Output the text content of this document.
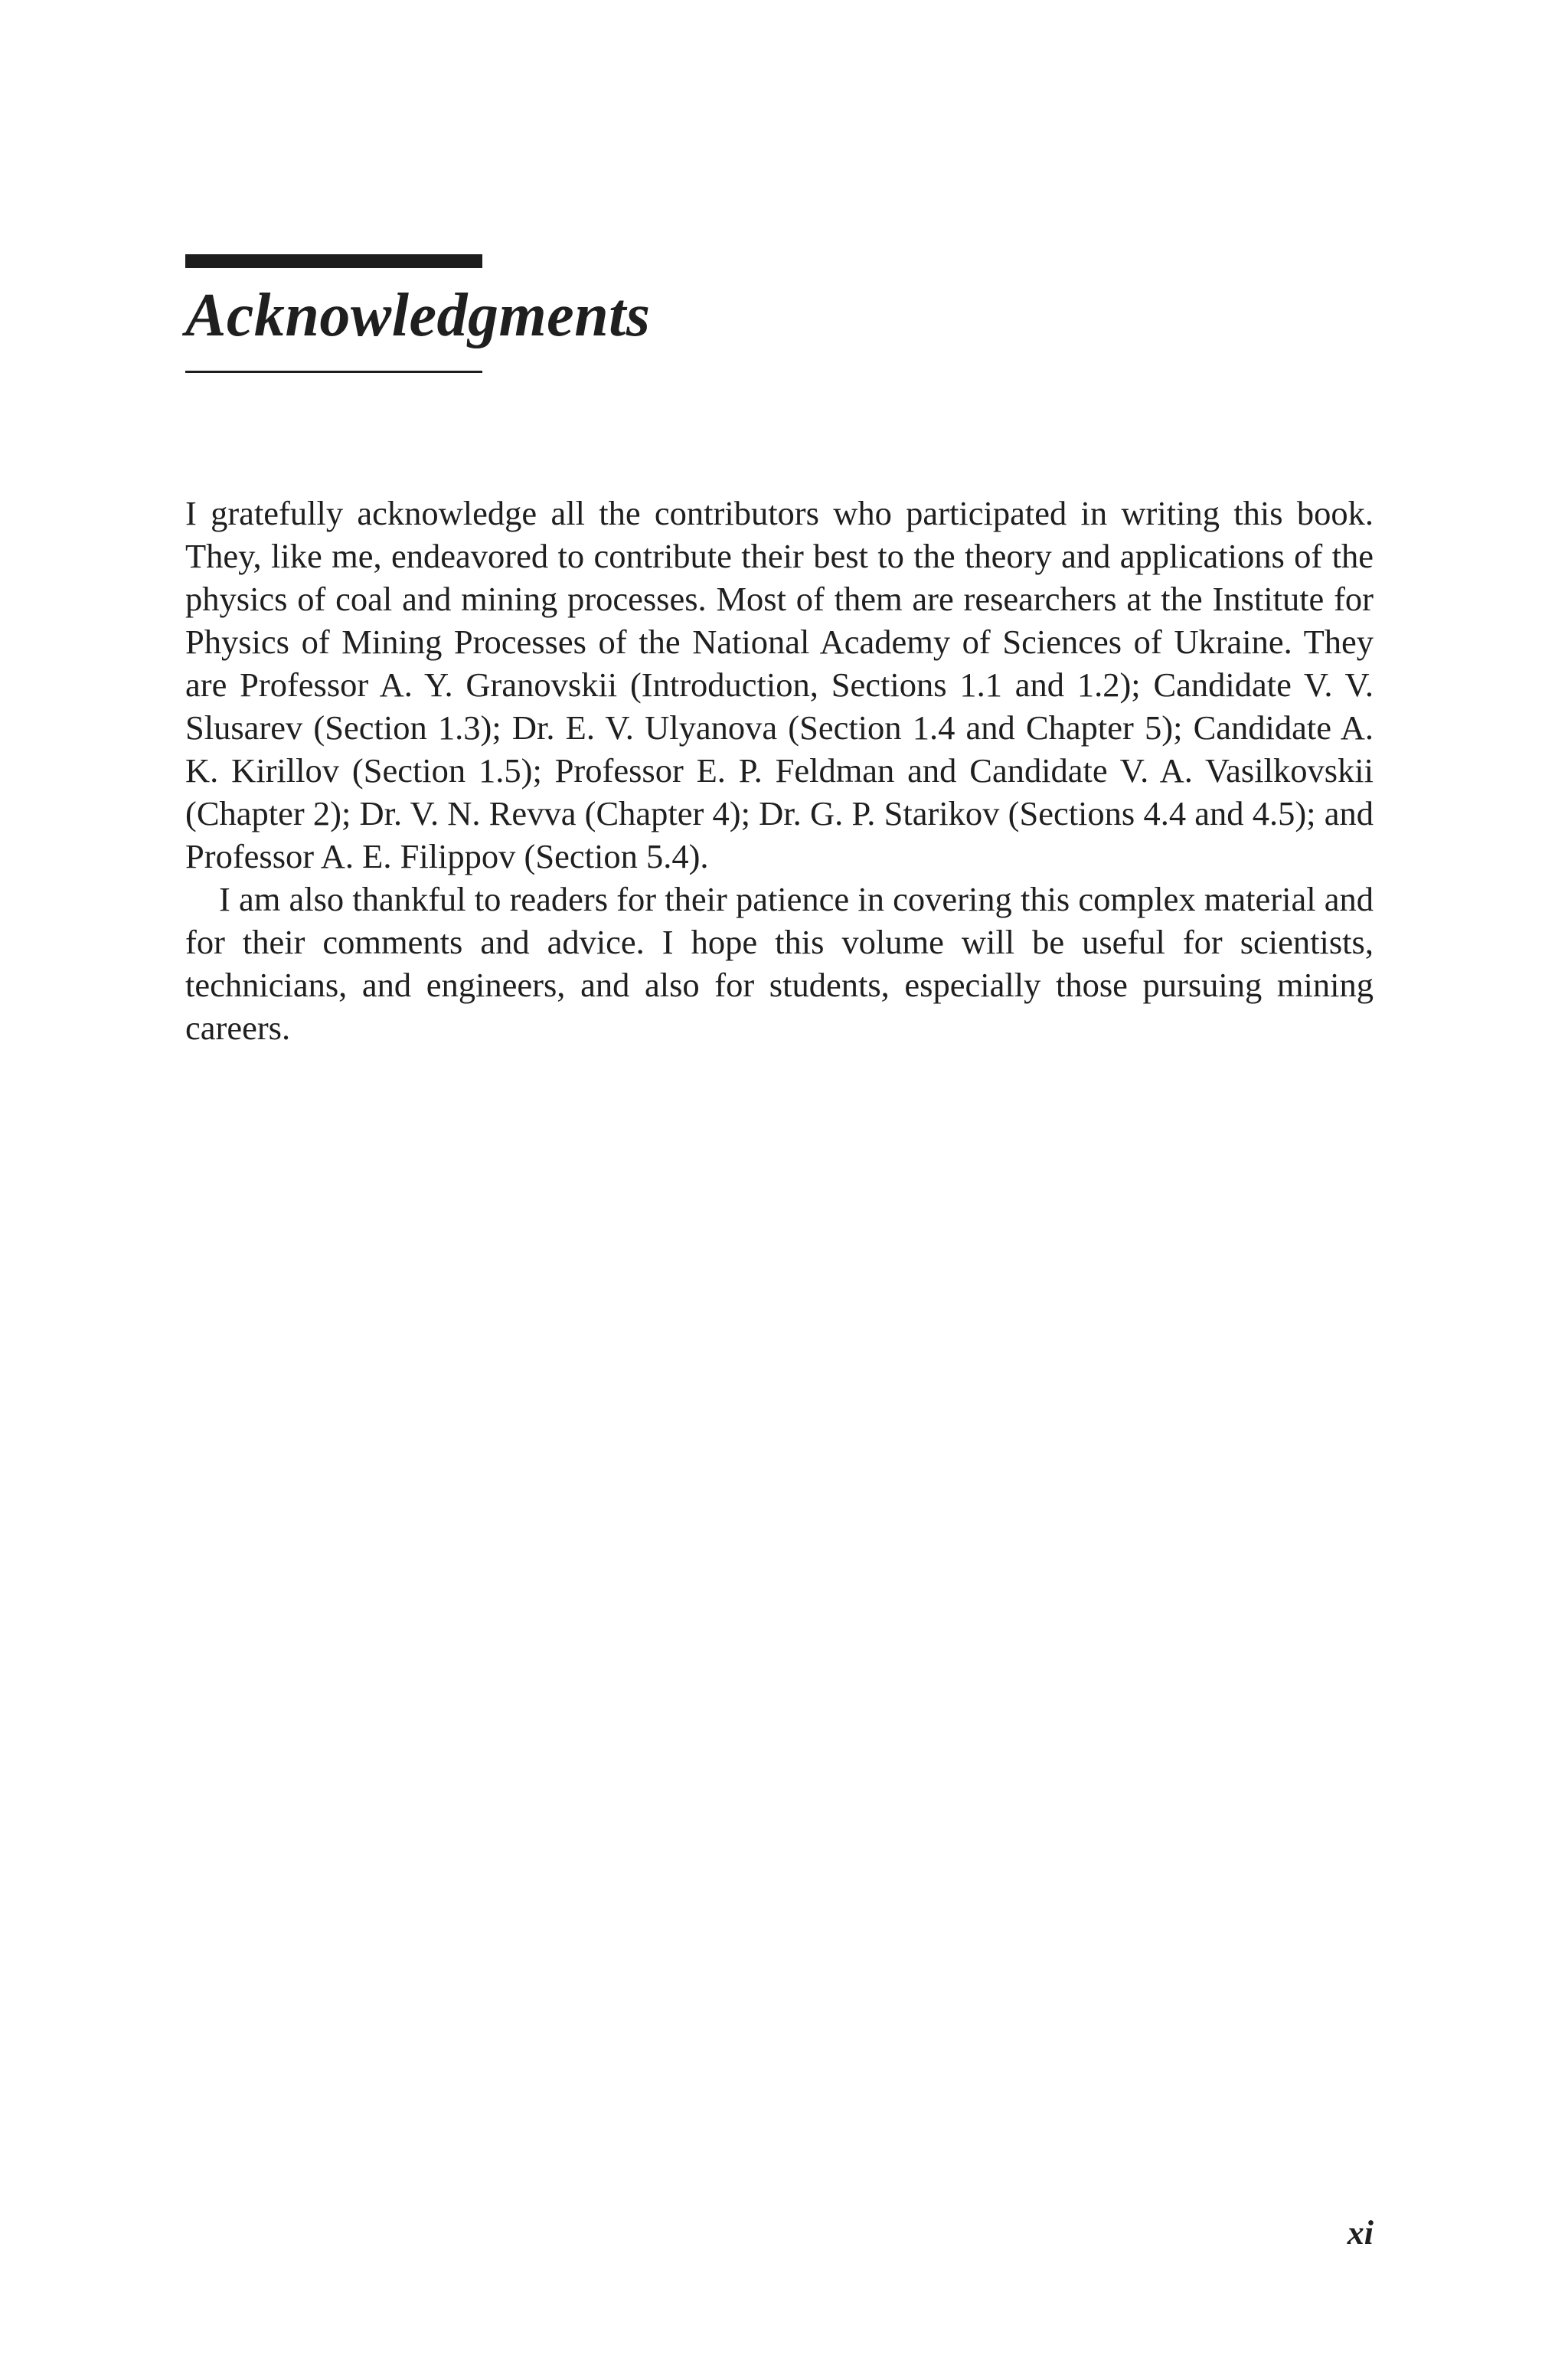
Acknowledgments

I gratefully acknowledge all the contributors who participated in writing this book. They, like me, endeavored to contribute their best to the theory and applications of the physics of coal and mining processes. Most of them are researchers at the Institute for Physics of Mining Processes of the National Academy of Sciences of Ukraine. They are Professor A. Y. Granovskii (Introduction, Sections 1.1 and 1.2); Candidate V. V. Slusarev (Section 1.3); Dr. E. V. Ulyanova (Section 1.4 and Chapter 5); Candidate A. K. Kirillov (Section 1.5); Professor E. P. Feldman and Candidate V. A. Vasilkovskii (Chapter 2); Dr. V. N. Revva (Chapter 4); Dr. G. P. Starikov (Sections 4.4 and 4.5); and Professor A. E. Filippov (Section 5.4).

I am also thankful to readers for their patience in covering this complex material and for their comments and advice. I hope this volume will be useful for scientists, technicians, and engineers, and also for students, especially those pursuing mining careers.

xi
